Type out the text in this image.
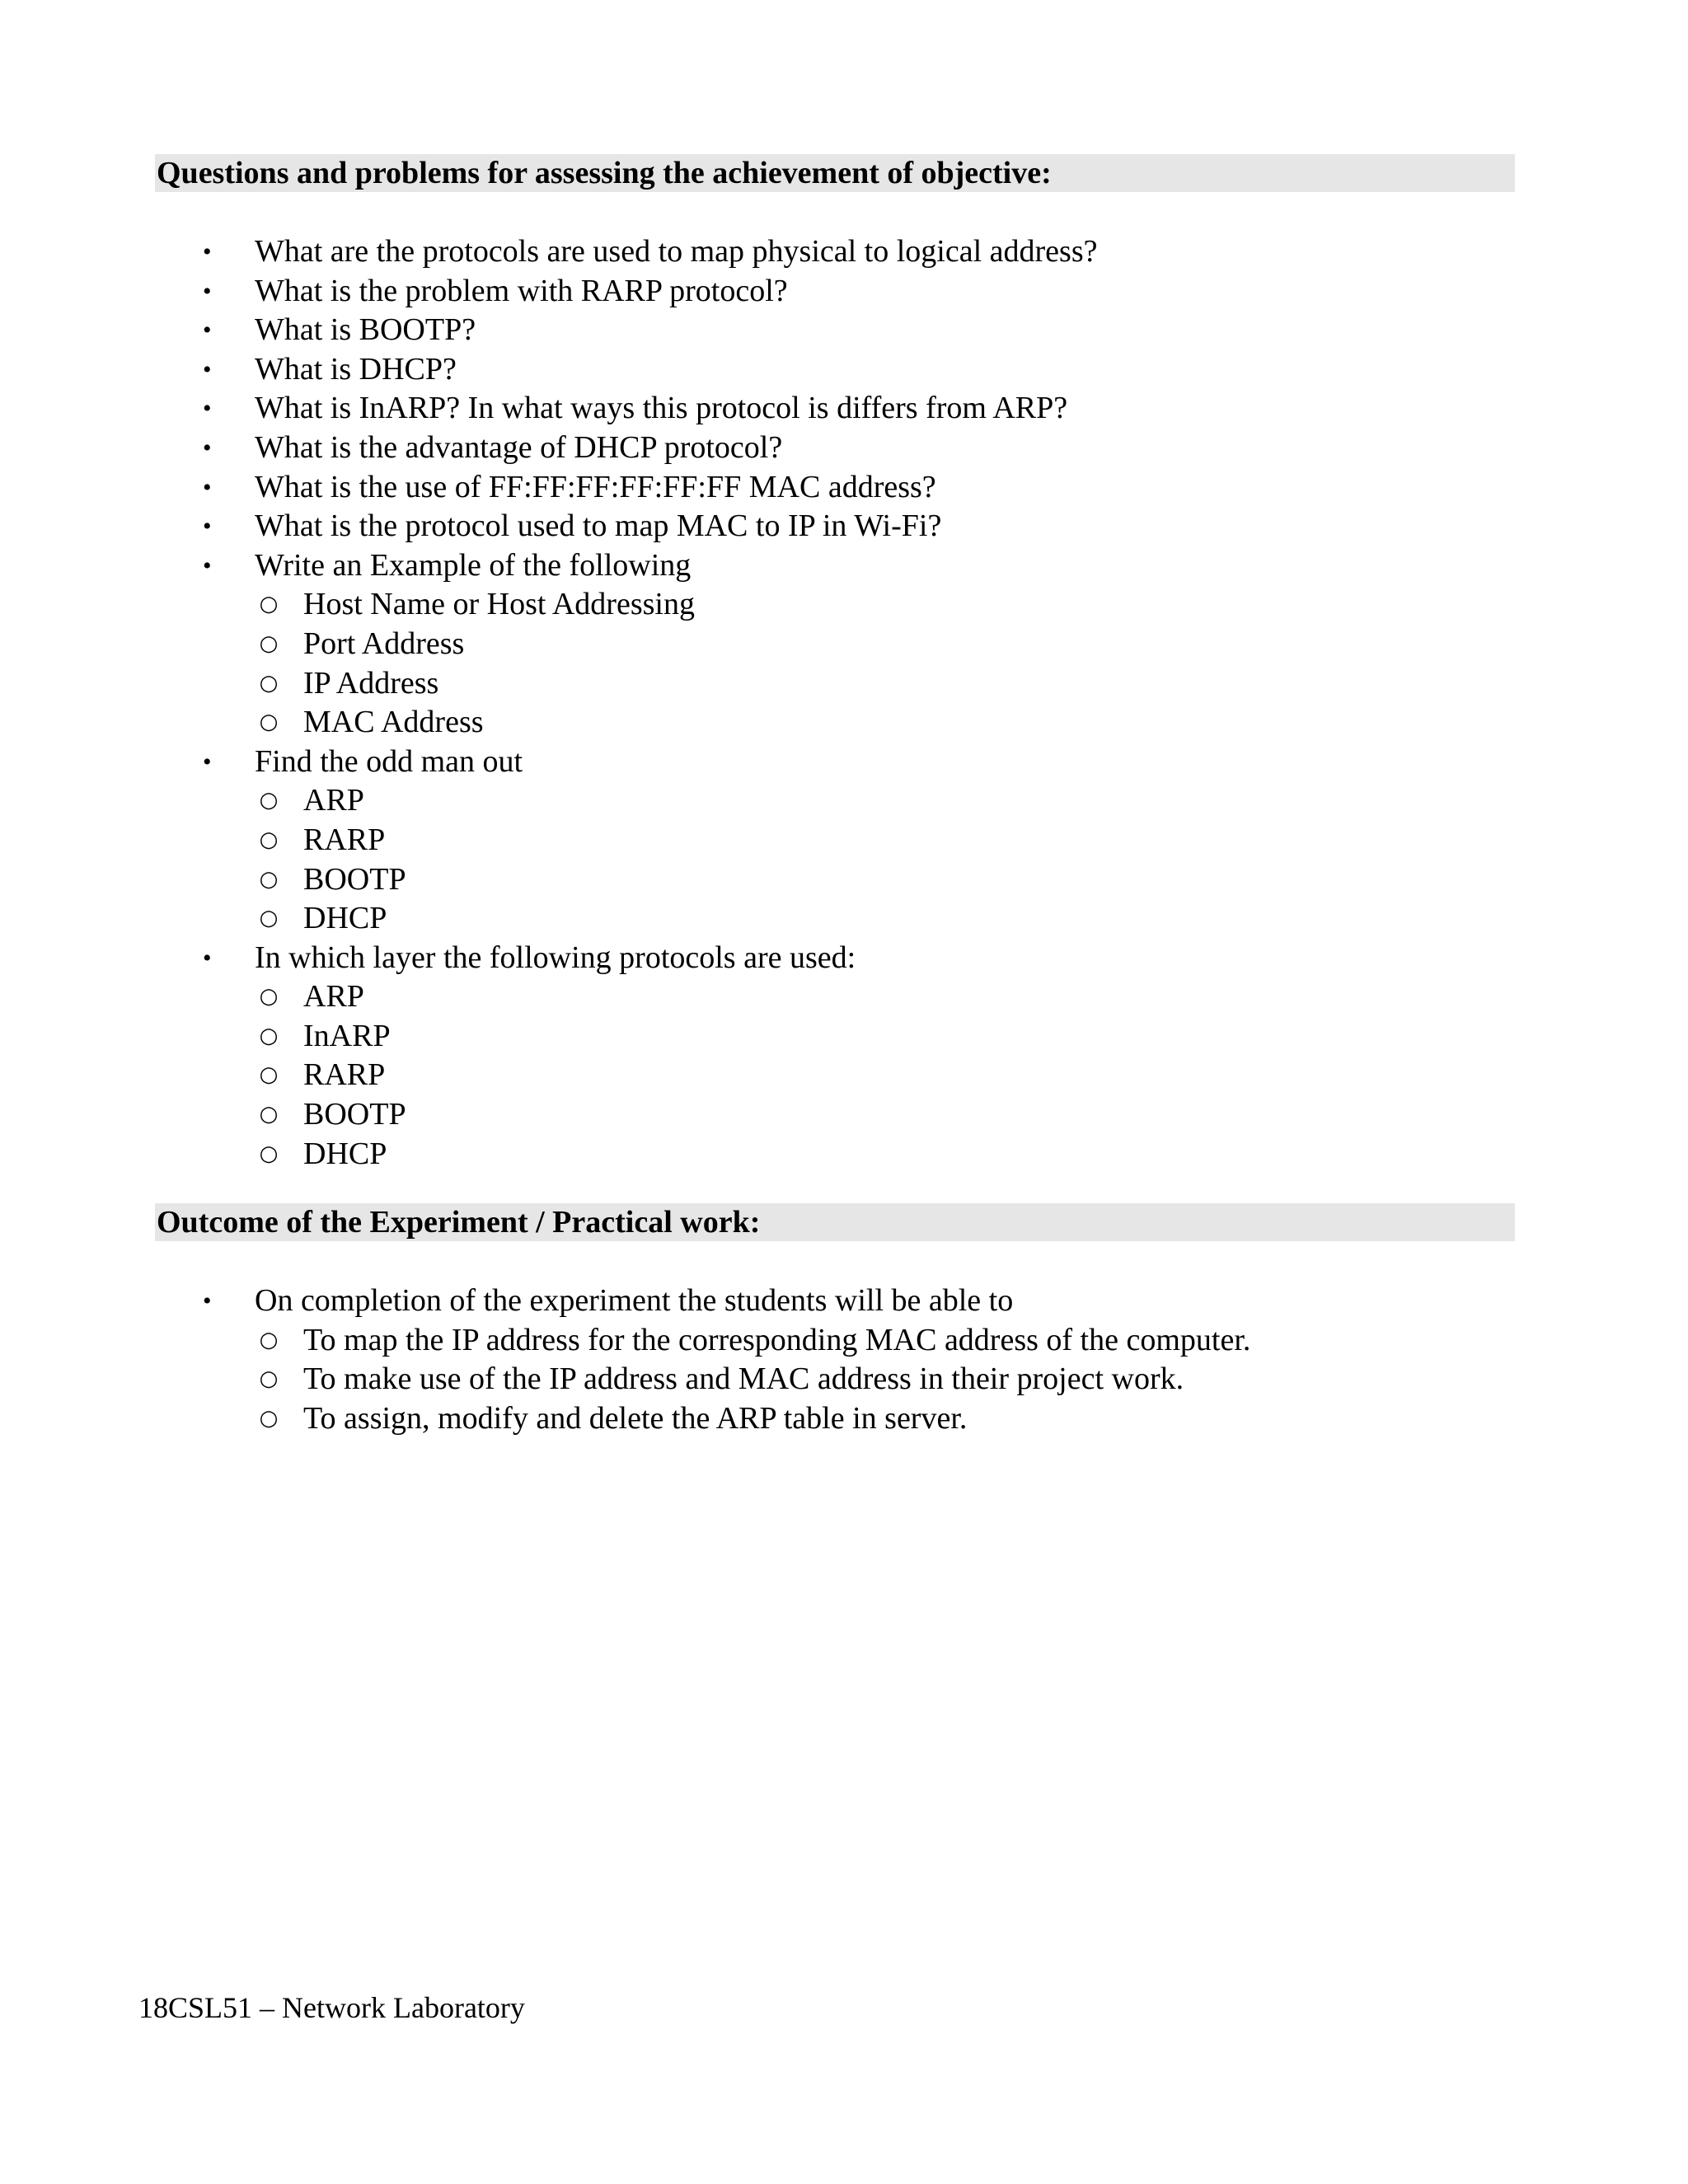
Questions and problems for assessing the achievement of objective:
• What are the protocols are used to map physical to logical address?
• What is the problem with RARP protocol?
• What is BOOTP?
• What is DHCP?
• What is InARP? In what ways this protocol is differs from ARP?
• What is the advantage of DHCP protocol?
• What is the use of FF:FF:FF:FF:FF:FF MAC address?
• What is the protocol used to map MAC to IP in Wi-Fi?
• Write an Example of the following
○ Host Name or Host Addressing
○ Port Address
○ IP Address
○ MAC Address
• Find the odd man out
○ ARP
○ RARP
○ BOOTP
○ DHCP
• In which layer the following protocols are used:
○ ARP
○ InARP
○ RARP
○ BOOTP
○ DHCP
Outcome of the Experiment / Practical work:
• On completion of the experiment the students will be able to
○ To map the IP address for the corresponding MAC address of the computer.
○ To make use of the IP address and MAC address in their project work.
○ To assign, modify and delete the ARP table in server.
18CSL51 – Network Laboratory
